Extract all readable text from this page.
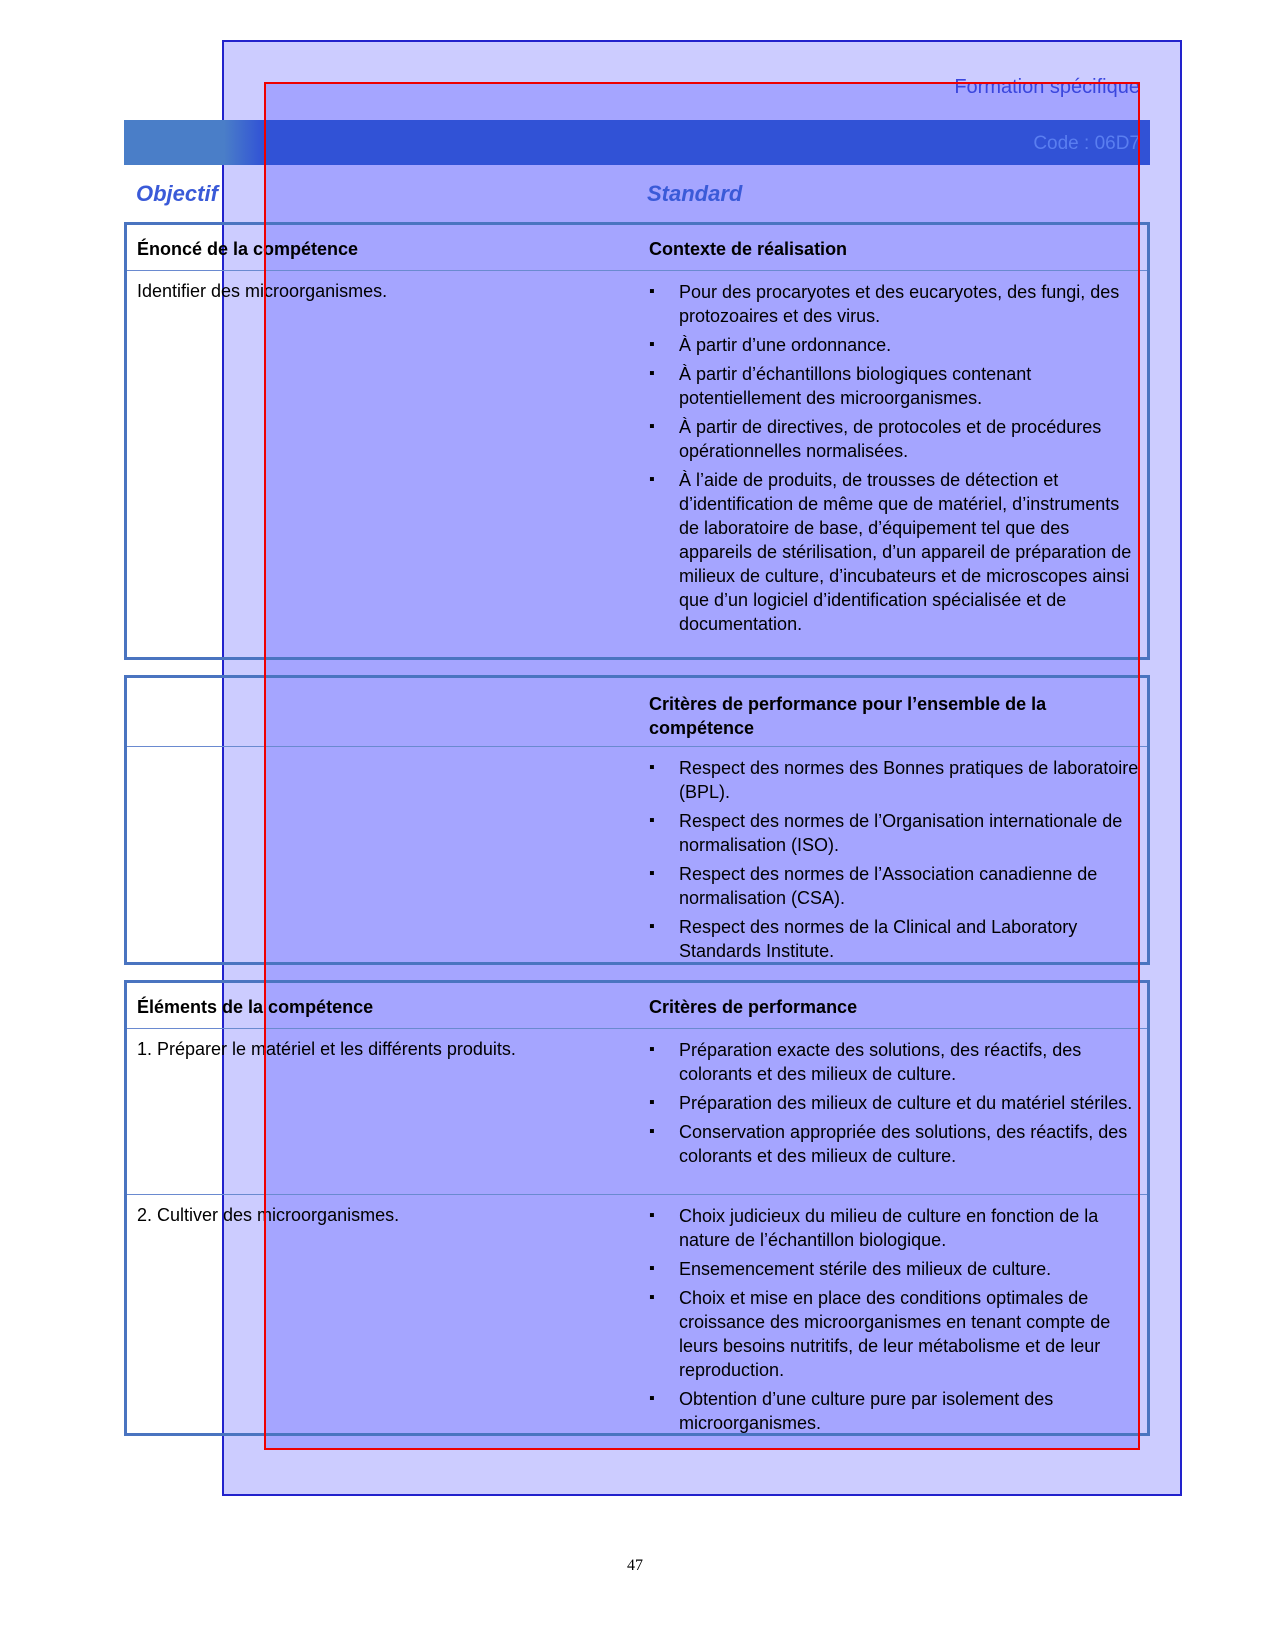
Formation spécifique
Code : 06D7
Objectif	Standard
Énoncé de la compétence	Contexte de réalisation
Identifier des microorganismes.	▪ Pour des procaryotes et des eucaryotes, des fungi, des protozoaires et des virus.
▪ À partir d’une ordonnance.
▪ À partir d’échantillons biologiques contenant potentiellement des microorganismes.
▪ À partir de directives, de protocoles et de procédures opérationnelles normalisées.
▪ À l’aide de produits, de trousses de détection et d’identification de même que de matériel, d’instruments de laboratoire de base, d’équipement tel que des appareils de stérilisation, d’un appareil de préparation de milieux de culture, d’incubateurs et de microscopes ainsi que d’un logiciel d’identification spécialisée et de documentation.
Critères de performance pour l’ensemble de la compétence
▪ Respect des normes des Bonnes pratiques de laboratoire (BPL).
▪ Respect des normes de l’Organisation internationale de normalisation (ISO).
▪ Respect des normes de l’Association canadienne de normalisation (CSA).
▪ Respect des normes de la Clinical and Laboratory Standards Institute.
Éléments de la compétence	Critères de performance
1. Préparer le matériel et les différents produits.	▪ Préparation exacte des solutions, des réactifs, des colorants et des milieux de culture.
▪ Préparation des milieux de culture et du matériel stériles.
▪ Conservation appropriée des solutions, des réactifs, des colorants et des milieux de culture.
2. Cultiver des microorganismes.	▪ Choix judicieux du milieu de culture en fonction de la nature de l’échantillon biologique.
▪ Ensemencement stérile des milieux de culture.
▪ Choix et mise en place des conditions optimales de croissance des microorganismes en tenant compte de leurs besoins nutritifs, de leur métabolisme et de leur reproduction.
▪ Obtention d’une culture pure par isolement des microorganismes.
47
